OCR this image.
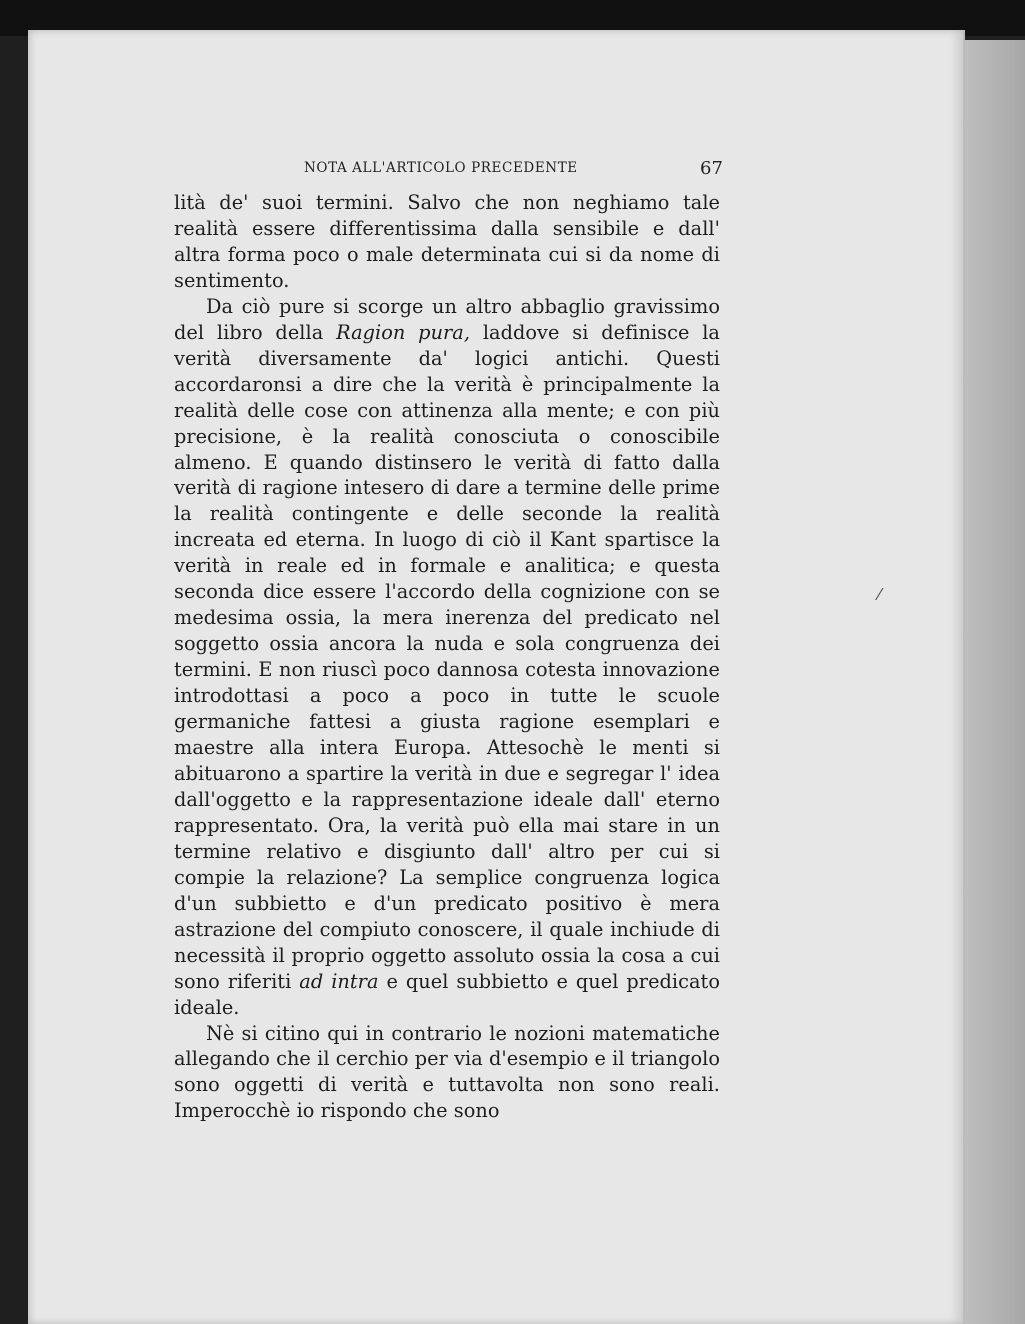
NOTA ALL'ARTICOLO PRECEDENTE	67

lità de' suoi termini. Salvo che non neghiamo tale realità essere differentissima dalla sensibile e dall' altra forma poco o male determinata cui si da nome di sentimento.

Da ciò pure si scorge un altro abbaglio gravissimo del libro della Ragion pura, laddove si definisce la verità diversamente da' logici antichi. Questi accordaronsi a dire che la verità è principalmente la realità delle cose con attinenza alla mente; e con più precisione, è la realità conosciuta o conoscibile almeno. E quando distinsero le verità di fatto dalla verità di ragione intesero di dare a termine delle prime la realità contingente e delle seconde la realità increata ed eterna. In luogo di ciò il Kant spartisce la verità in reale ed in formale e analitica; e questa seconda dice essere l'accordo della cognizione con se medesima ossia, la mera inerenza del predicato nel soggetto ossia ancora la nuda e sola congruenza dei termini. E non riuscì poco dannosa cotesta innovazione introdottasi a poco a poco in tutte le scuole germaniche fattesi a giusta ragione esemplari e maestre alla intera Europa. Attesochè le menti si abituarono a spartire la verità in due e segregar l' idea dall'oggetto e la rappresentazione ideale dall' eterno rappresentato. Ora, la verità può ella mai stare in un termine relativo e disgiunto dall' altro per cui si compie la relazione? La semplice congruenza logica d'un subbietto e d'un predicato positivo è mera astrazione del compiuto conoscere, il quale inchiude di necessità il proprio oggetto assoluto ossia la cosa a cui sono riferiti ad intra e quel subbietto e quel predicato ideale.

Nè si citino qui in contrario le nozioni matematiche allegando che il cerchio per via d'esempio e il triangolo sono oggetti di verità e tuttavolta non sono reali. Imperocchè io rispondo che sono

⁄
